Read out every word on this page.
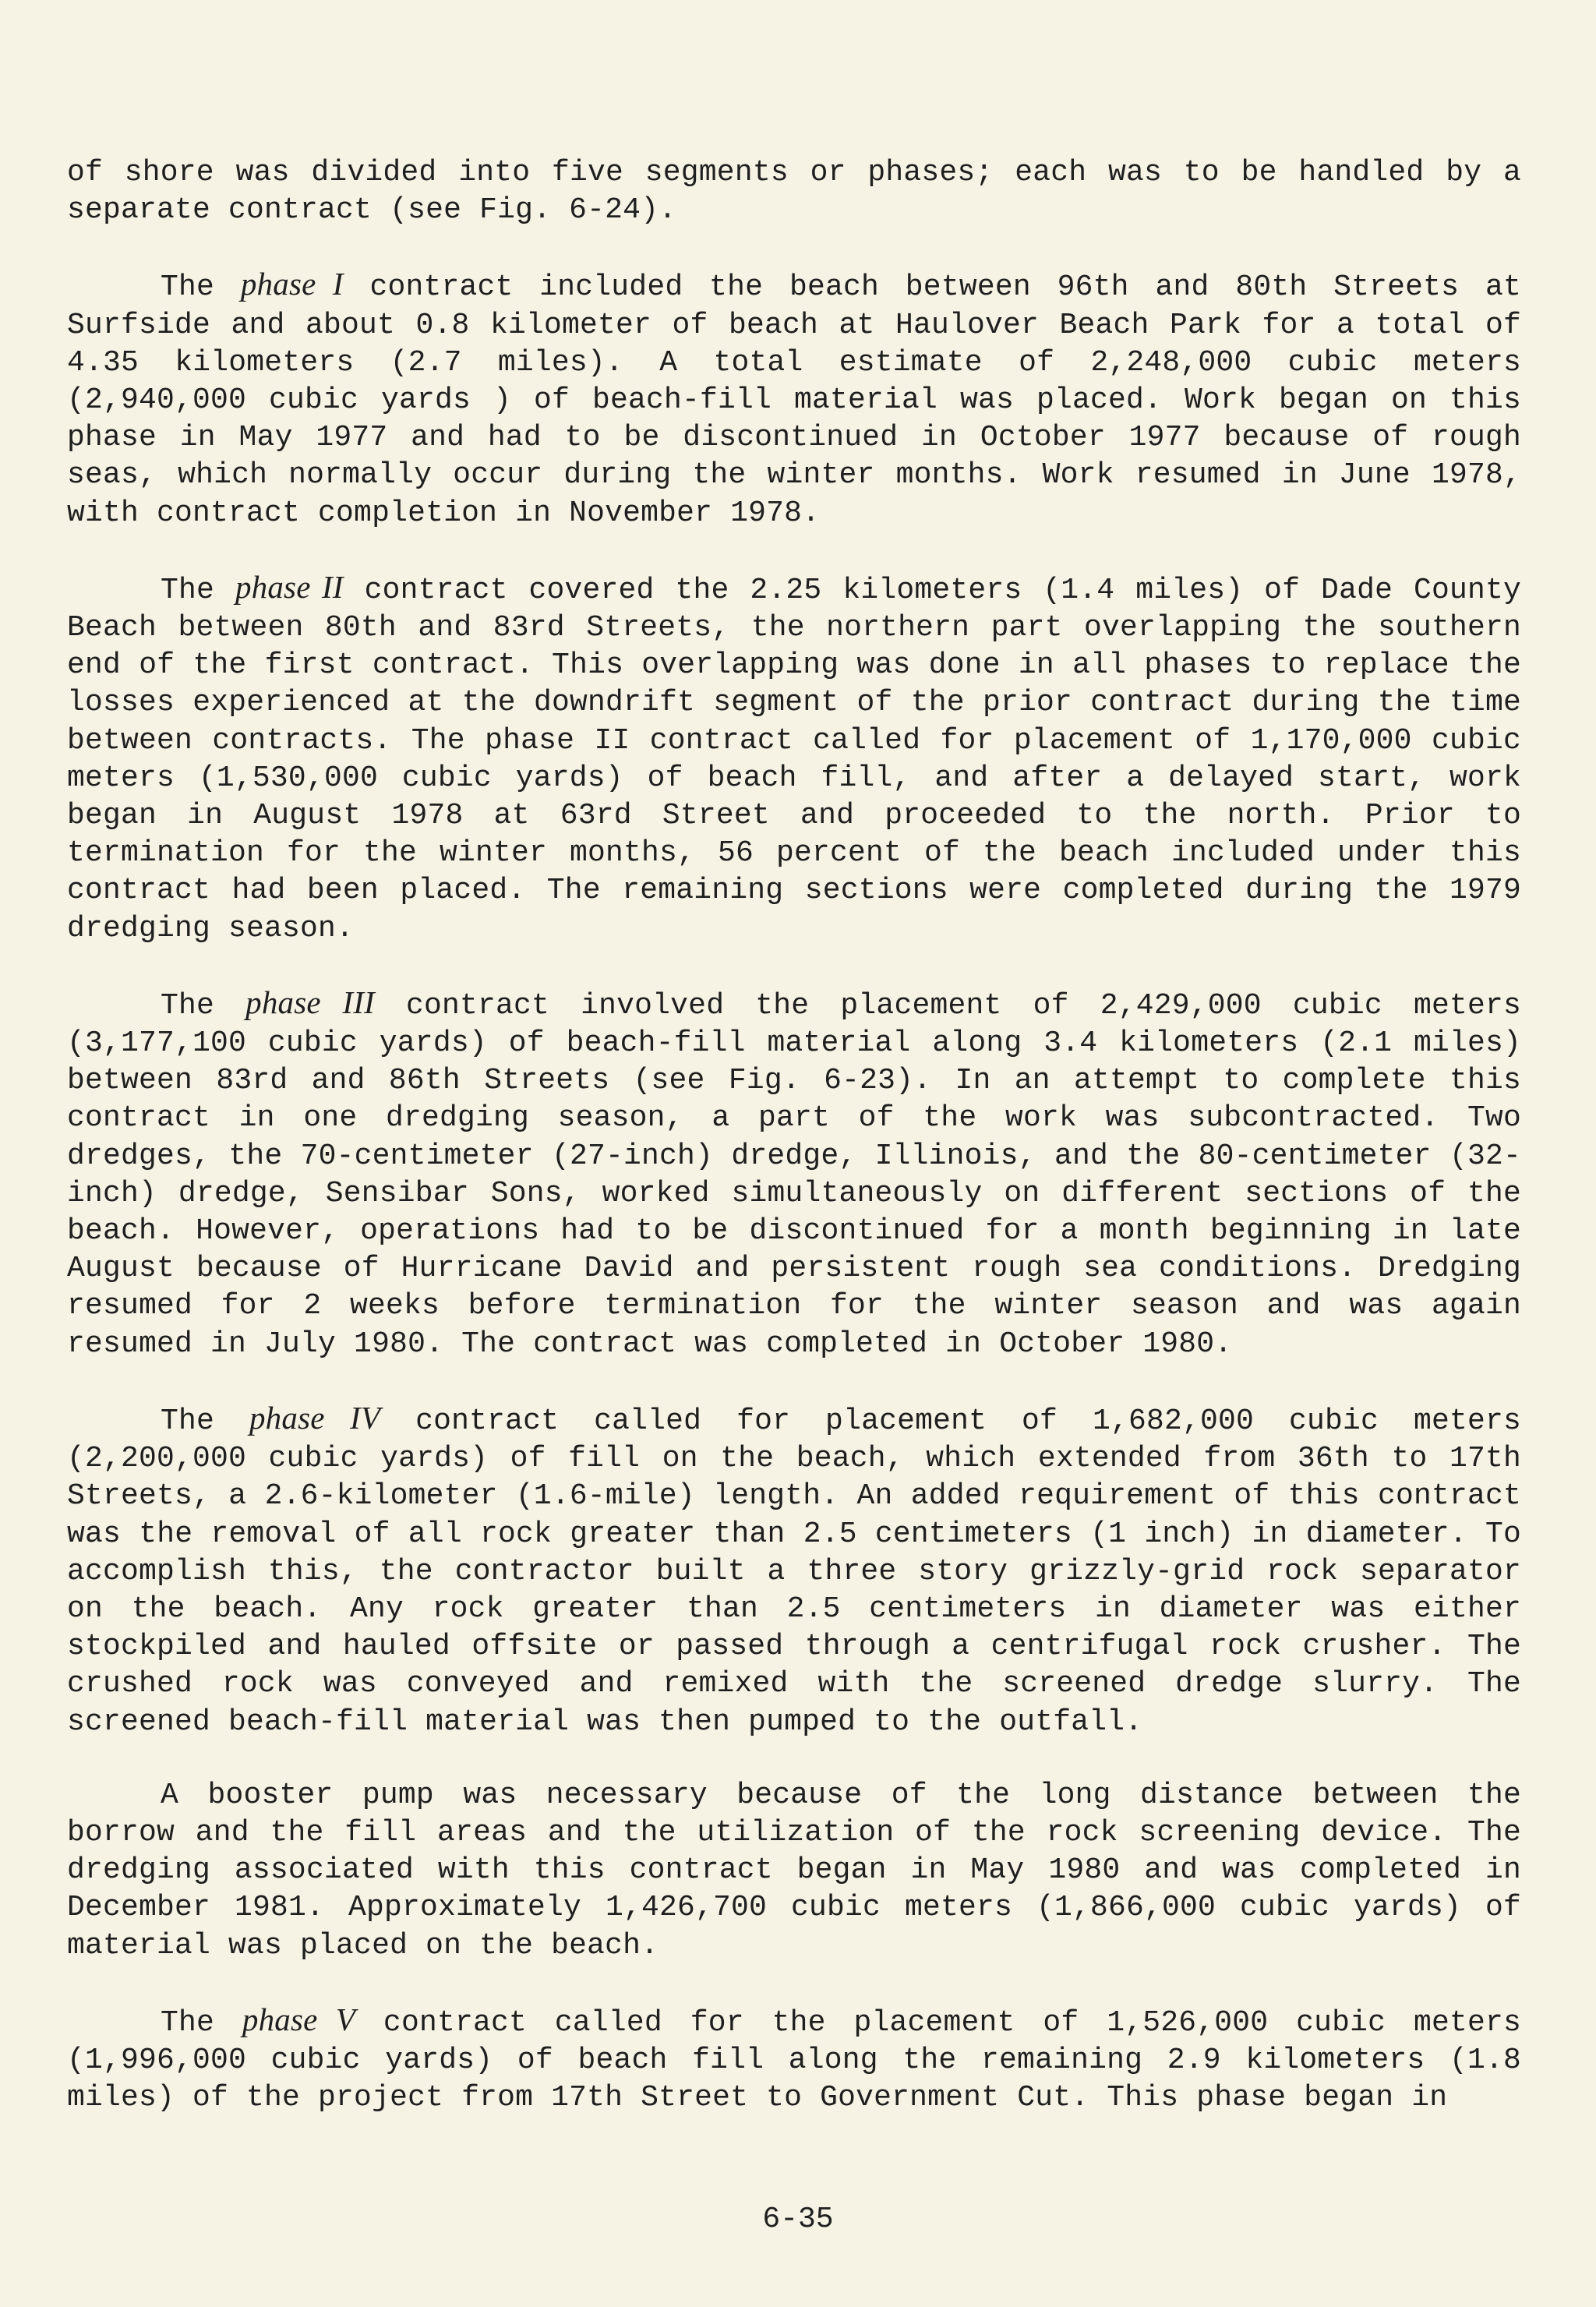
of shore was divided into five segments or phases; each was to be handled by a separate contract (see Fig. 6-24).

The phase I contract included the beach between 96th and 80th Streets at Surfside and about 0.8 kilometer of beach at Haulover Beach Park for a total of 4.35 kilometers (2.7 miles). A total estimate of 2,248,000 cubic meters (2,940,000 cubic yards ) of beach-fill material was placed. Work began on this phase in May 1977 and had to be discontinued in October 1977 because of rough seas, which normally occur during the winter months. Work resumed in June 1978, with contract completion in November 1978.

The phase II contract covered the 2.25 kilometers (1.4 miles) of Dade County Beach between 80th and 83rd Streets, the northern part overlapping the southern end of the first contract. This overlapping was done in all phases to replace the losses experienced at the downdrift segment of the prior contract during the time between contracts. The phase II contract called for placement of 1,170,000 cubic meters (1,530,000 cubic yards) of beach fill, and after a delayed start, work began in August 1978 at 63rd Street and proceeded to the north. Prior to termination for the winter months, 56 percent of the beach included under this contract had been placed. The remaining sections were completed during the 1979 dredging season.

The phase III contract involved the placement of 2,429,000 cubic meters (3,177,100 cubic yards) of beach-fill material along 3.4 kilometers (2.1 miles) between 83rd and 86th Streets (see Fig. 6-23). In an attempt to complete this contract in one dredging season, a part of the work was subcontracted. Two dredges, the 70-centimeter (27-inch) dredge, Illinois, and the 80-centimeter (32-inch) dredge, Sensibar Sons, worked simultaneously on different sections of the beach. However, operations had to be discontinued for a month beginning in late August because of Hurricane David and persistent rough sea conditions. Dredging resumed for 2 weeks before termination for the winter season and was again resumed in July 1980. The contract was completed in October 1980.

The phase IV contract called for placement of 1,682,000 cubic meters (2,200,000 cubic yards) of fill on the beach, which extended from 36th to 17th Streets, a 2.6-kilometer (1.6-mile) length. An added requirement of this contract was the removal of all rock greater than 2.5 centimeters (1 inch) in diameter. To accomplish this, the contractor built a three story grizzly-grid rock separator on the beach. Any rock greater than 2.5 centimeters in diameter was either stockpiled and hauled offsite or passed through a centrifugal rock crusher. The crushed rock was conveyed and remixed with the screened dredge slurry. The screened beach-fill material was then pumped to the outfall.

A booster pump was necessary because of the long distance between the borrow and the fill areas and the utilization of the rock screening device. The dredging associated with this contract began in May 1980 and was completed in December 1981. Approximately 1,426,700 cubic meters (1,866,000 cubic yards) of material was placed on the beach.

The phase V contract called for the placement of 1,526,000 cubic meters (1,996,000 cubic yards) of beach fill along the remaining 2.9 kilometers (1.8 miles) of the project from 17th Street to Government Cut. This phase began in

6-35
